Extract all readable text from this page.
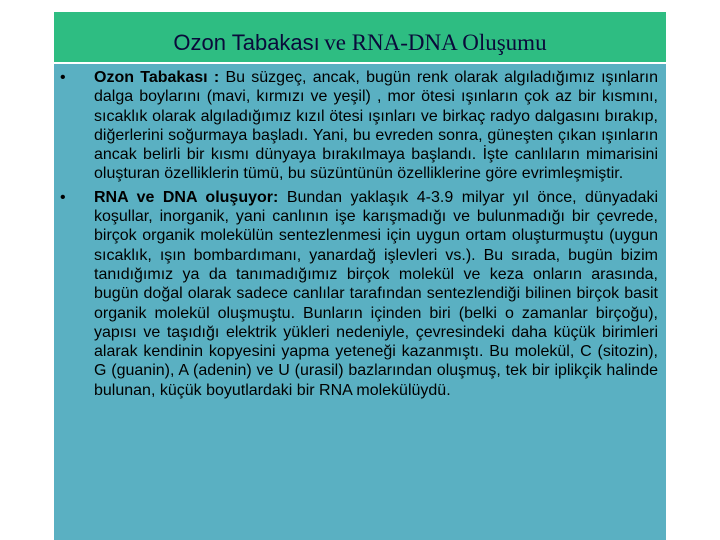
Ozon Tabakası
ve RNA-DNA Oluşumu
• Ozon Tabakası : Bu süzgeç, ancak, bugün renk olarak algıladığımız ışınların dalga boylarını (mavi, kırmızı ve yeşil) , mor ötesi ışınların çok az bir kısmını, sıcaklık olarak algıladığımız kızıl ötesi ışınları ve birkaç radyo dalgasını bırakıp, diğerlerini soğurmaya başladı. Yani, bu evreden sonra, güneşten çıkan ışınların ancak belirli bir kısmı dünyaya bırakılmaya başlandı. İşte canlıların mimarisini oluşturan özelliklerin tümü, bu süzüntünün özelliklerine göre evrimleşmiştir.
• RNA ve DNA oluşuyor: Bundan yaklaşık 4-3.9 milyar yıl önce, dünyadaki koşullar, inorganik, yani canlının işe karışmadığı ve bulunmadığı bir çevrede, birçok organik molekülün sentezlenmesi için uygun ortam oluşturmuştu (uygun sıcaklık, ışın bombardımanı, yanardağ işlevleri vs.). Bu sırada, bugün bizim tanıdığımız ya da tanımadığımız birçok molekül ve keza onların arasında, bugün doğal olarak sadece canlılar tarafından sentezlendiği bilinen birçok basit organik molekül oluşmuştu. Bunların içinden biri (belki o zamanlar birçoğu), yapısı ve taşıdığı elektrik yükleri nedeniyle, çevresindeki daha küçük birimleri alarak kendinin kopyesini yapma yeteneği kazanmıştı. Bu molekül, C (sitozin), G (guanin), A (adenin) ve U (urasil) bazlarından oluşmuş, tek bir iplikçik halinde bulunan, küçük boyutlardaki bir RNA molekülüydü.
